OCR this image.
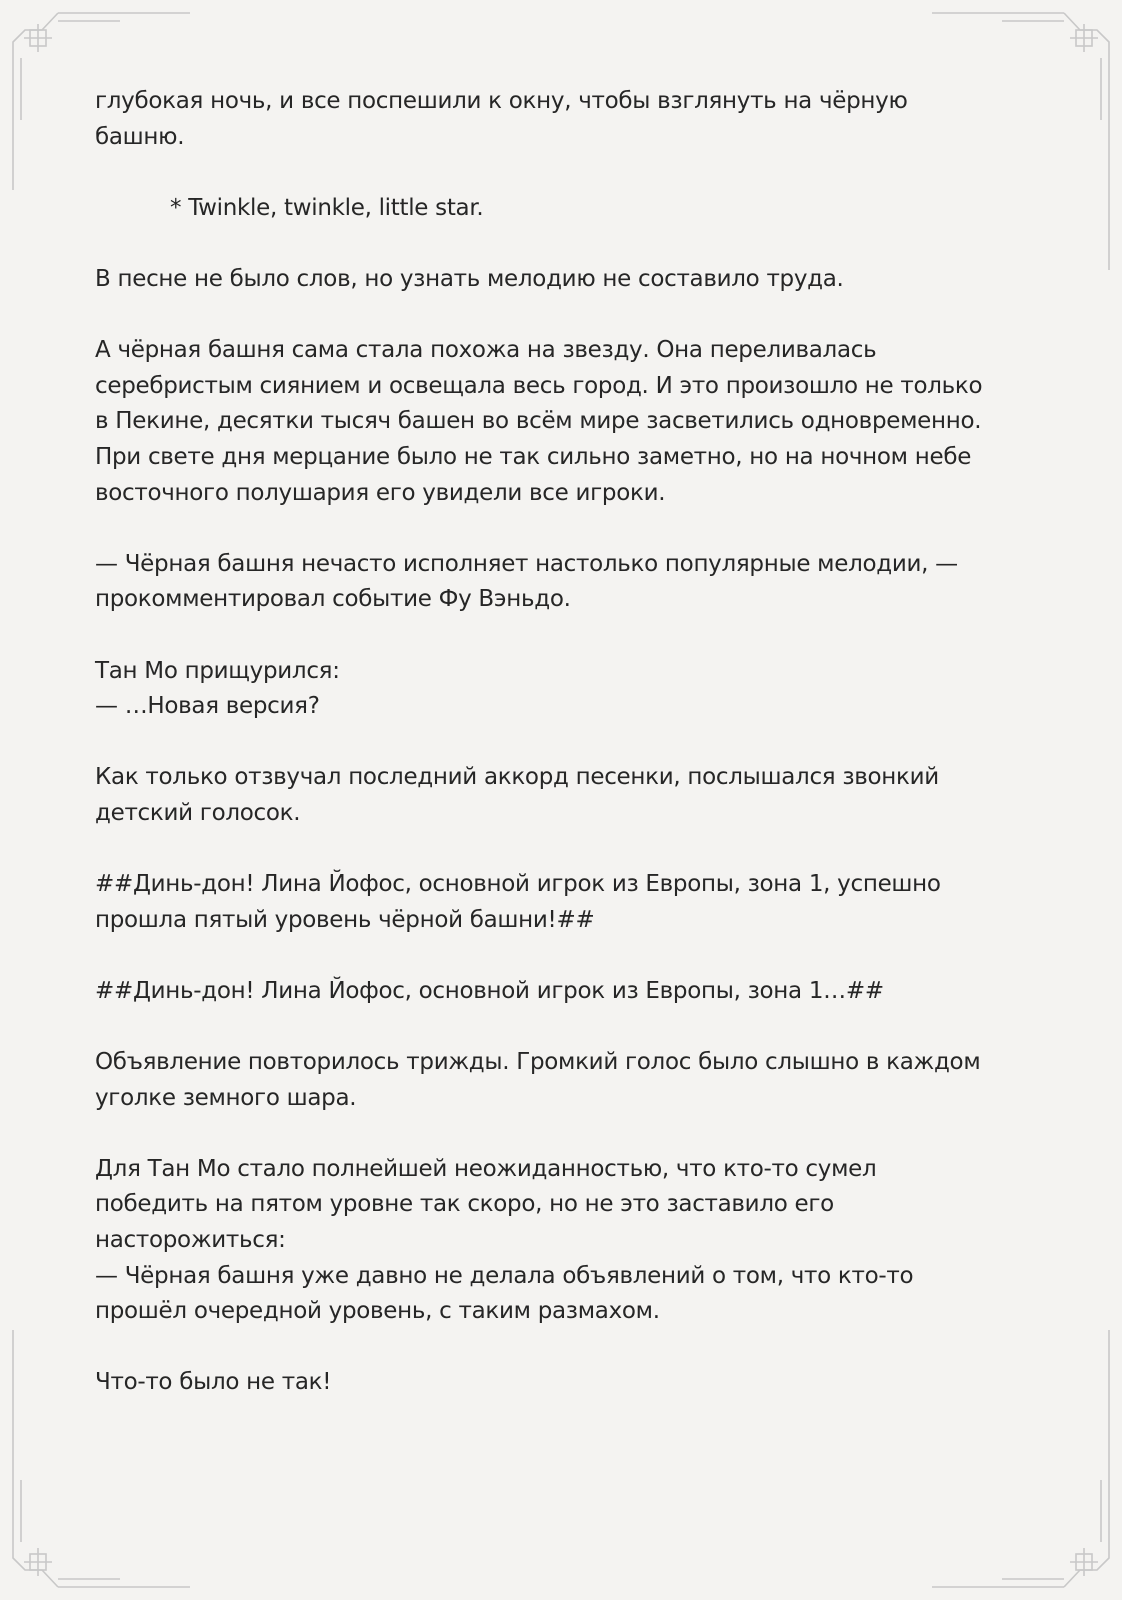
глубокая ночь, и все поспешили к окну, чтобы взглянуть на чёрную
башню.

* Twinkle, twinkle, little star.

В песне не было слов, но узнать мелодию не составило труда.

А чёрная башня сама стала похожа на звезду. Она переливалась
серебристым сиянием и освещала весь город. И это произошло не только
в Пекине, десятки тысяч башен во всём мире засветились одновременно.
При свете дня мерцание было не так сильно заметно, но на ночном небе
восточного полушария его увидели все игроки.

— Чёрная башня нечасто исполняет настолько популярные мелодии, —
прокомментировал событие Фу Вэньдо.

Тан Мо прищурился:
— …Новая версия?

Как только отзвучал последний аккорд песенки, послышался звонкий
детский голосок.

##Динь-дон! Лина Йофос, основной игрок из Европы, зона 1, успешно
прошла пятый уровень чёрной башни!##

##Динь-дон! Лина Йофос, основной игрок из Европы, зона 1…##

Объявление повторилось трижды. Громкий голос было слышно в каждом
уголке земного шара.

Для Тан Мо стало полнейшей неожиданностью, что кто-то сумел
победить на пятом уровне так скоро, но не это заставило его
насторожиться:
— Чёрная башня уже давно не делала объявлений о том, что кто-то
прошёл очередной уровень, с таким размахом.

Что-то было не так!
